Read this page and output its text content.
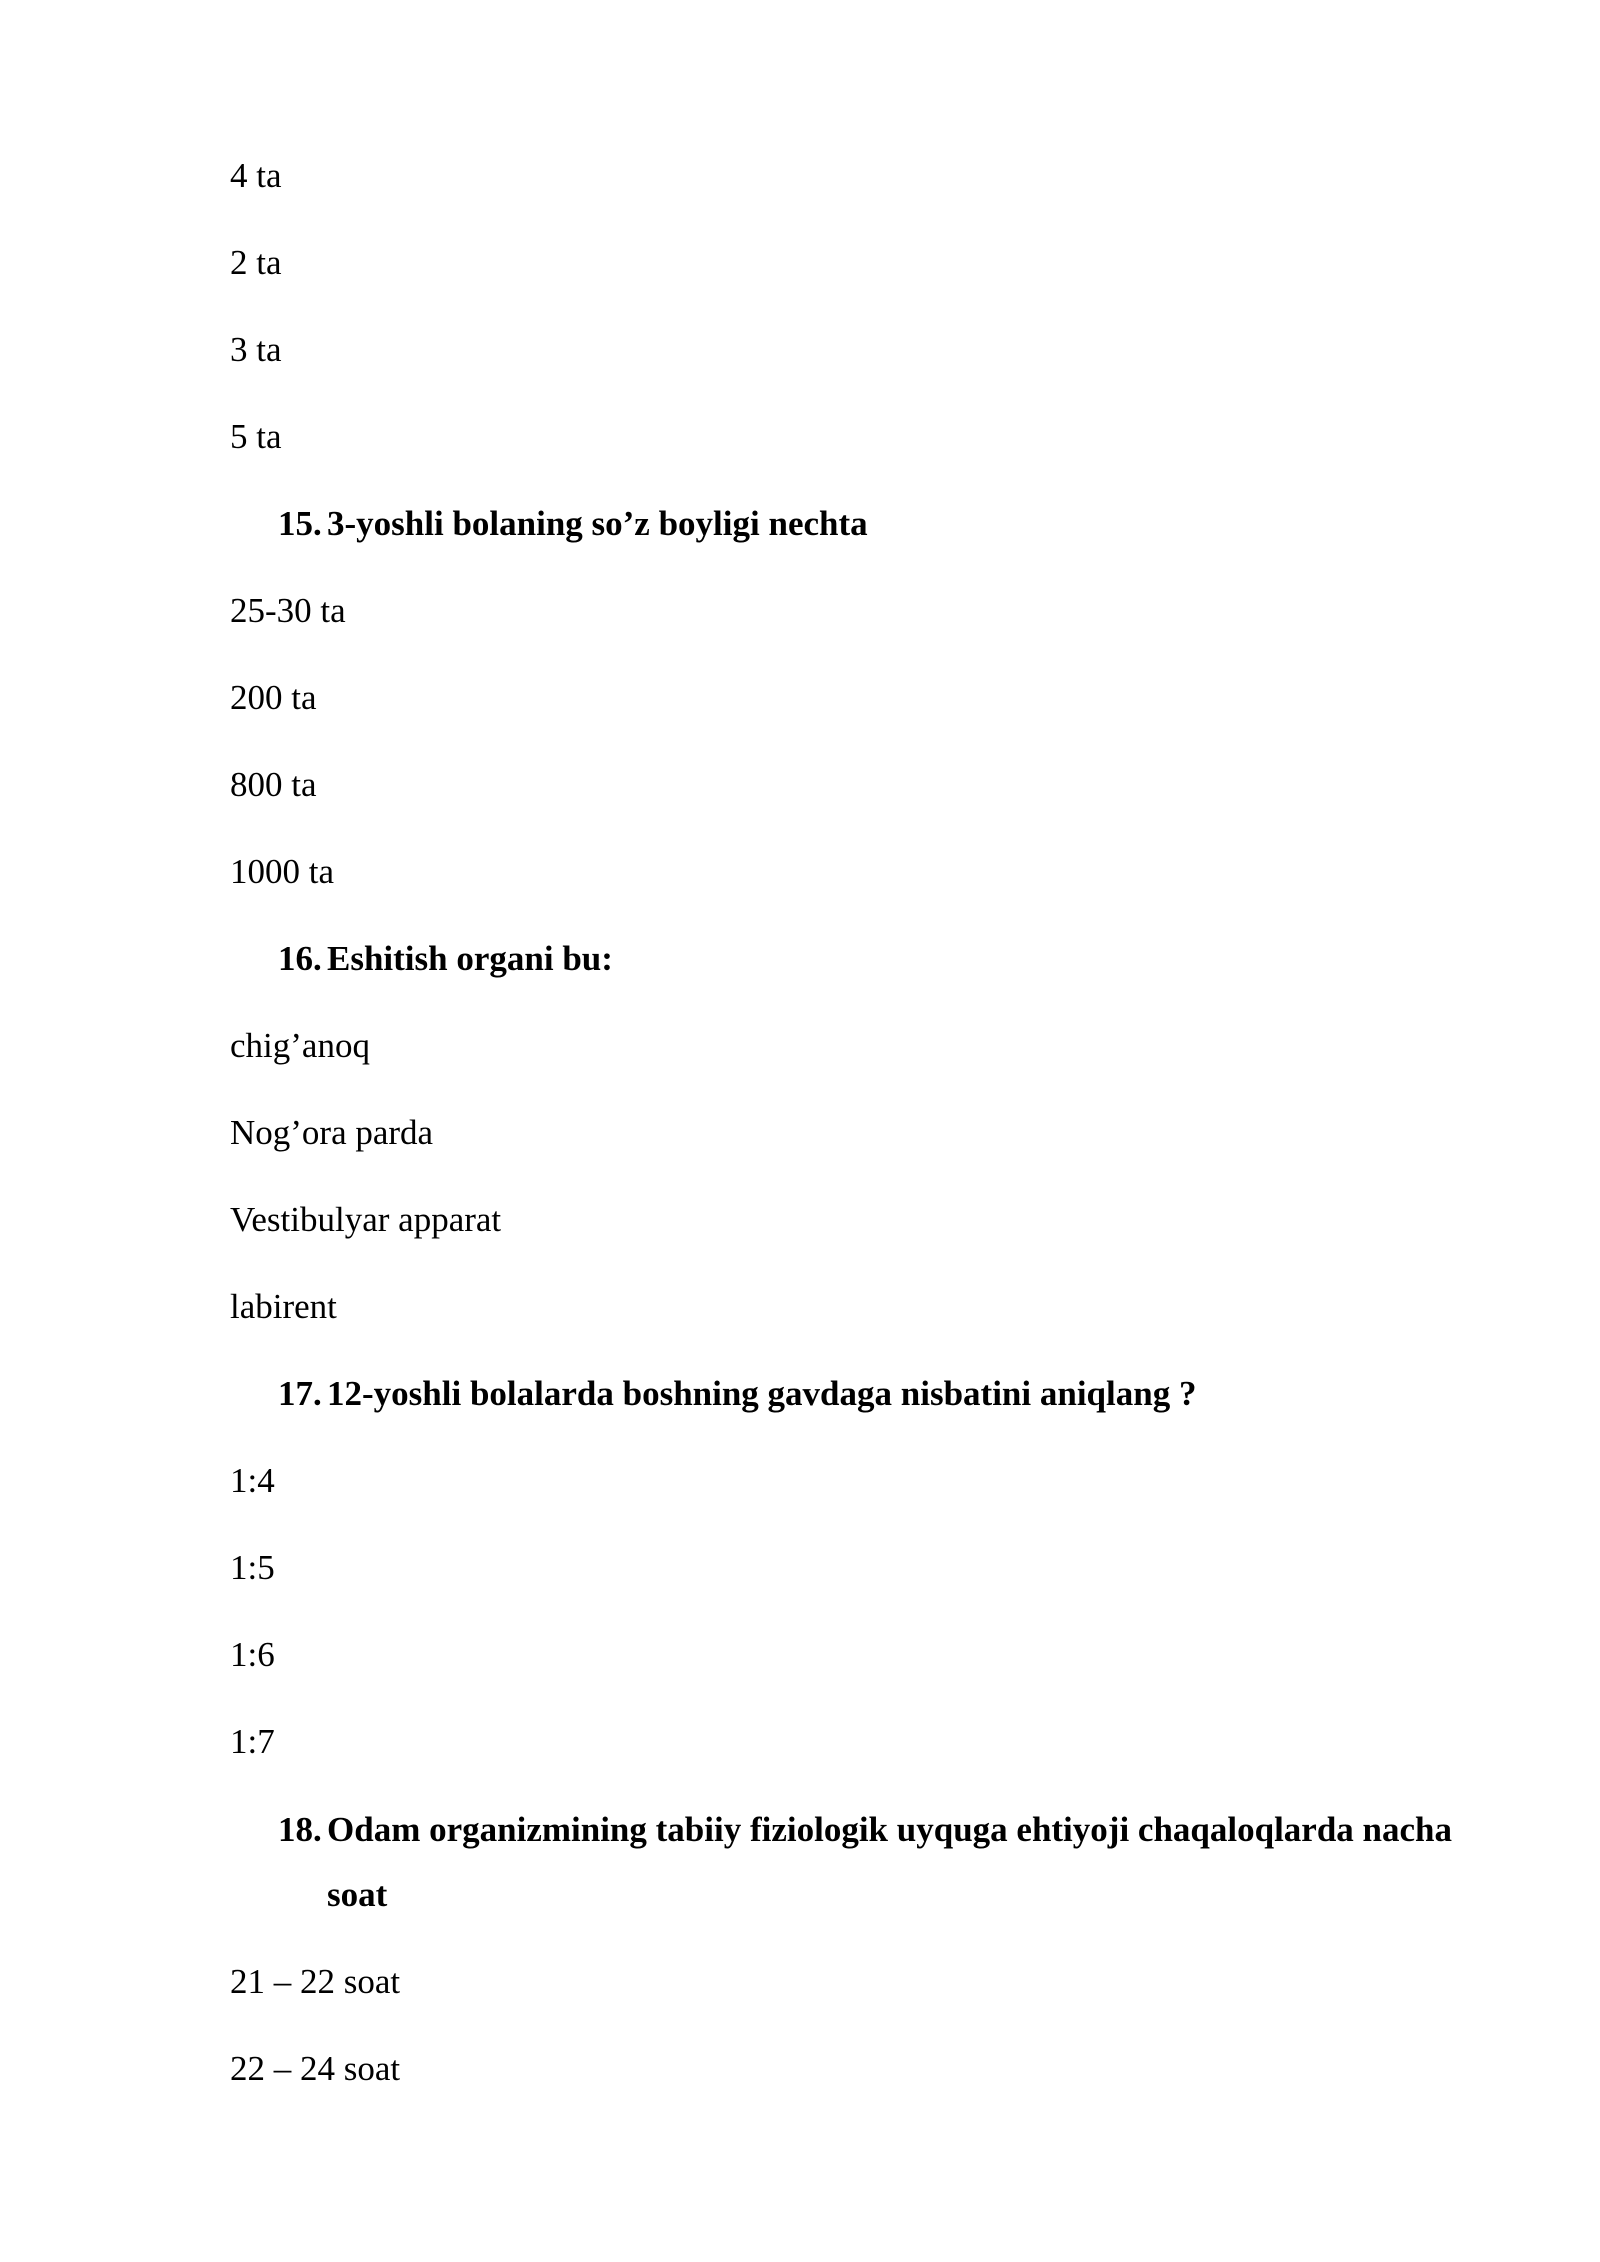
4 ta
2 ta
3 ta
5 ta
15. 3-yoshli bolaning so’z boyligi nechta
25-30 ta
200 ta
800 ta
1000 ta
16. Eshitish organi bu:
chig’anoq
Nog’ora parda
Vestibulyar apparat
labirent
17. 12-yoshli bolalarda boshning gavdaga nisbatini aniqlang ?
1:4
1:5
1:6
1:7
18. Odam organizmining tabiiy fiziologik uyquga ehtiyoji chaqaloqlarda nacha soat
21 – 22 soat
22 – 24 soat
